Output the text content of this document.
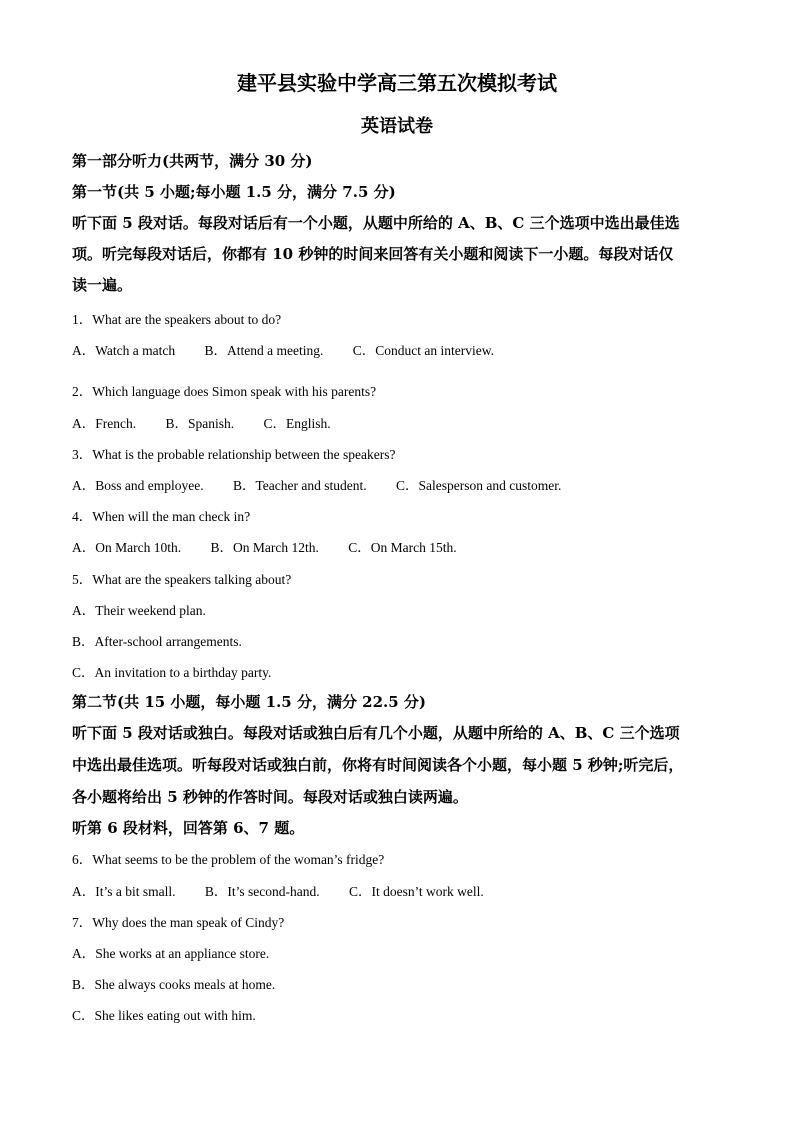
建平县实验中学高三第五次模拟考试
英语试卷
第一部分听力(共两节，满分 30 分)
第一节(共 5 小题;每小题 1.5 分，满分 7.5 分)
听下面 5 段对话。每段对话后有一个小题，从题中所给的 A、B、C 三个选项中选出最佳选
项。听完每段对话后，你都有 10 秒钟的时间来回答有关小题和阅读下一小题。每段对话仅
读一遍。
1．What are the speakers about to do?
A．Watch a match B．Attend a meeting. C．Conduct an interview.
2．Which language does Simon speak with his parents?
A．French. B．Spanish. C．English.
3．What is the probable relationship between the speakers?
A．Boss and employee. B．Teacher and student. C．Salesperson and customer.
4．When will the man check in?
A．On March 10th. B．On March 12th. C．On March 15th.
5．What are the speakers talking about?
A．Their weekend plan.
B．After-school arrangements.
C．An invitation to a birthday party.
第二节(共 15 小题，每小题 1.5 分，满分 22.5 分)
听下面 5 段对话或独白。每段对话或独白后有几个小题，从题中所给的 A、B、C 三个选项
中选出最佳选项。听每段对话或独白前，你将有时间阅读各个小题，每小题 5 秒钟;听完后，
各小题将给出 5 秒钟的作答时间。每段对话或独白读两遍。
听第 6 段材料，回答第 6、7 题。
6．What seems to be the problem of the woman’s fridge?
A．It’s a bit small. B．It’s second-hand. C．It doesn’t work well.
7．Why does the man speak of Cindy?
A．She works at an appliance store.
B．She always cooks meals at home.
C．She likes eating out with him.
